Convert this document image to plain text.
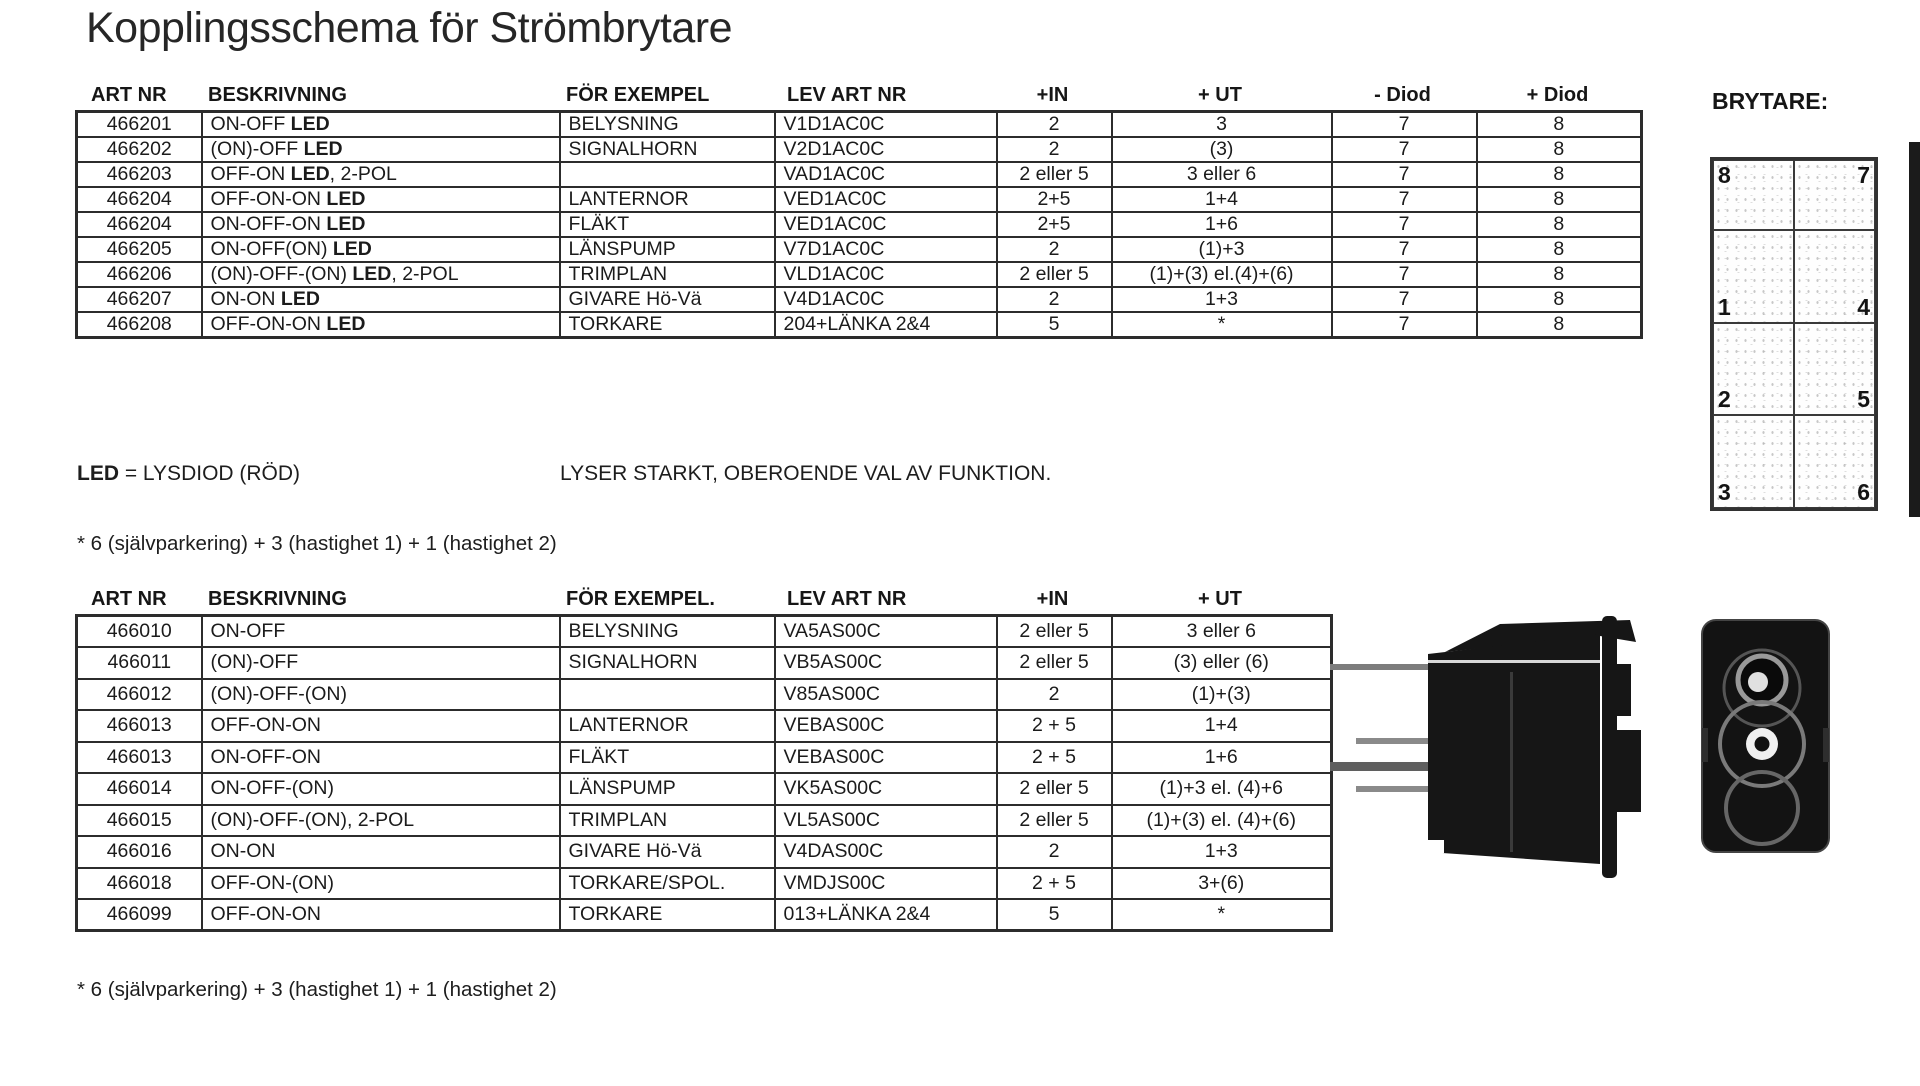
Kopplingsschema för Strömbrytare
ART NR	BESKRIVNING	FÖR EXEMPEL	LEV ART NR	+IN	+ UT	- Diod	+ Diod
466201	ON-OFF LED	BELYSNING	V1D1AC0C	2	3	7	8
466202	(ON)-OFF LED	SIGNALHORN	V2D1AC0C	2	(3)	7	8
466203	OFF-ON LED, 2-POL		VAD1AC0C	2 eller 5	3 eller 6	7	8
466204	OFF-ON-ON LED	LANTERNOR	VED1AC0C	2+5	1+4	7	8
466204	ON-OFF-ON LED	FLÄKT	VED1AC0C	2+5	1+6	7	8
466205	ON-OFF(ON) LED	LÄNSPUMP	V7D1AC0C	2	(1)+3	7	8
466206	(ON)-OFF-(ON) LED, 2-POL	TRIMPLAN	VLD1AC0C	2 eller 5	(1)+(3) el.(4)+(6)	7	8
466207	ON-ON LED	GIVARE Hö-Vä	V4D1AC0C	2	1+3	7	8
466208	OFF-ON-ON LED	TORKARE	204+LÄNKA 2&4	5	*	7	8
LED = LYSDIOD (RÖD)	LYSER STARKT, OBEROENDE VAL AV FUNKTION.
* 6 (självparkering) + 3 (hastighet 1) + 1 (hastighet 2)
ART NR	BESKRIVNING	FÖR EXEMPEL.	LEV ART NR	+IN	+ UT
466010	ON-OFF	BELYSNING	VA5AS00C	2 eller 5	3 eller 6
466011	(ON)-OFF	SIGNALHORN	VB5AS00C	2 eller 5	(3) eller (6)
466012	(ON)-OFF-(ON)		V85AS00C	2	(1)+(3)
466013	OFF-ON-ON	LANTERNOR	VEBAS00C	2 + 5	1+4
466013	ON-OFF-ON	FLÄKT	VEBAS00C	2 + 5	1+6
466014	ON-OFF-(ON)	LÄNSPUMP	VK5AS00C	2 eller 5	(1)+3 el. (4)+6
466015	(ON)-OFF-(ON), 2-POL	TRIMPLAN	VL5AS00C	2 eller 5	(1)+(3) el. (4)+(6)
466016	ON-ON	GIVARE Hö-Vä	V4DAS00C	2	1+3
466018	OFF-ON-(ON)	TORKARE/SPOL.	VMDJS00C	2 + 5	3+(6)
466099	OFF-ON-ON	TORKARE	013+LÄNKA 2&4	5	*
* 6 (självparkering) + 3 (hastighet 1) + 1 (hastighet 2)
BRYTARE:
8	7
1	4
2	5
3	6
